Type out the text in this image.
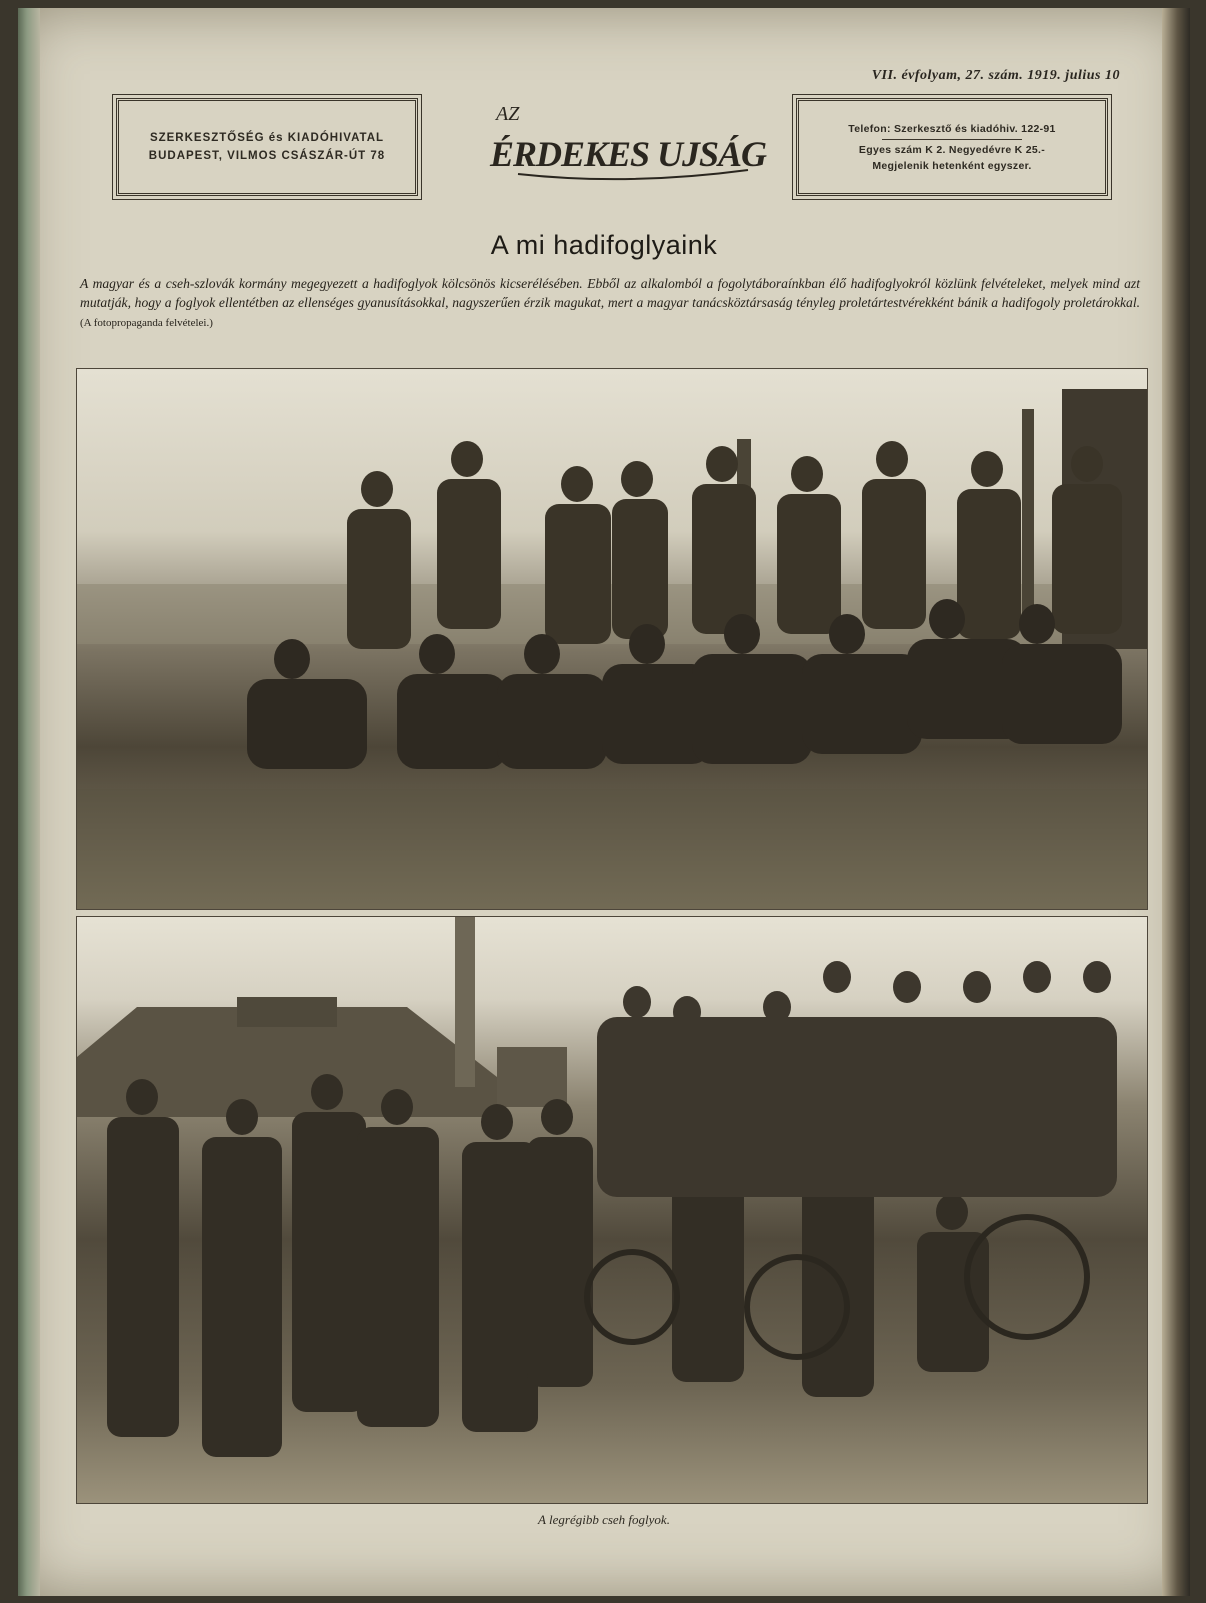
VII. évfolyam, 27. szám. 1919. julius 10
SZERKESZTŐSÉG és KIADÓHIVATAL
BUDAPEST, VILMOS CSÁSZÁR-ÚT 78
AZ
ÉRDEKES UJSÁG
Telefon: Szerkesztő és kiadóhiv. 122-91
Egyes szám K 2. Negyedévre K 25.-
Megjelenik hetenként egyszer.
A mi hadifoglyaink
A magyar és a cseh-szlovák kormány megegyezett a hadifoglyok kölcsönös kicserélésében. Ebből az alkalomból a fogolytáboraínkban élő hadifoglyokról közlünk felvételeket, melyek mind azt mutatják, hogy a foglyok ellentétben az ellenséges gyanusításokkal, nagyszerűen érzik magukat, mert a magyar tanácsköztársaság tényleg proletártestvérekként bánik a hadifogoly proletárokkal. (A fotopropaganda felvételei.)
A legrégibb cseh foglyok.
